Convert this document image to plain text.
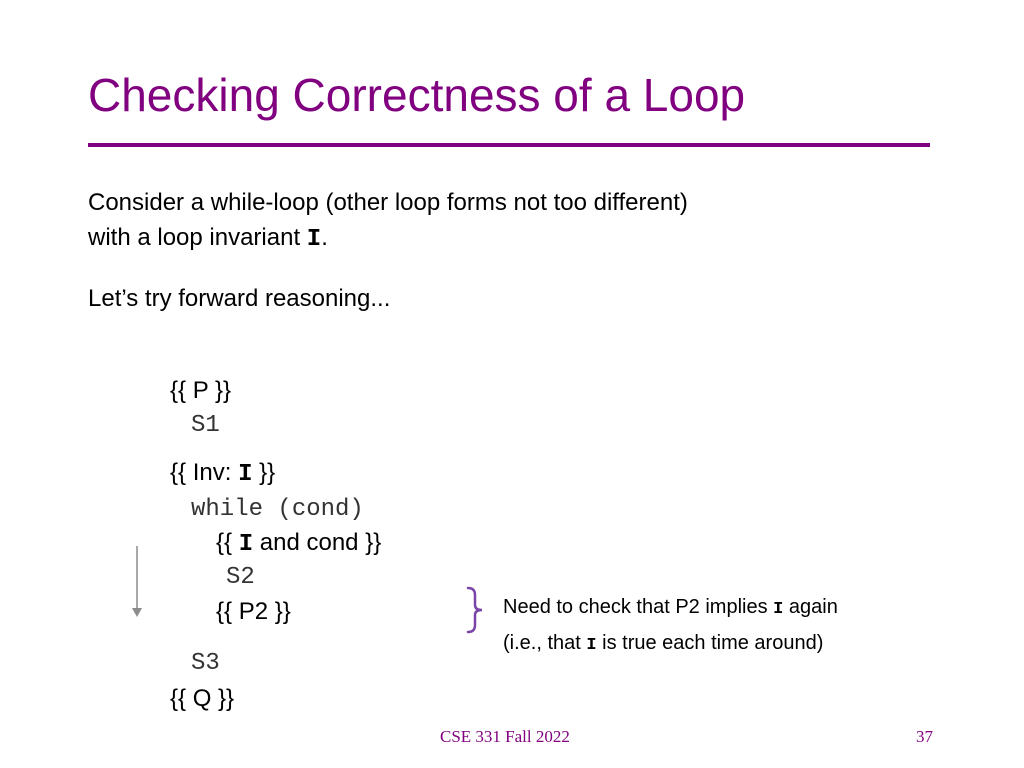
Checking Correctness of a Loop
Consider a while-loop (other loop forms not too different)
with a loop invariant I.
Let’s try forward reasoning...
{{ P }}
S1
{{ Inv: I }}
while (cond)
{{ I and cond }}
S2
{{ P2 }}
S3
{{ Q }}
Need to check that P2 implies I again
(i.e., that I is true each time around)
CSE 331 Fall 2022	37
